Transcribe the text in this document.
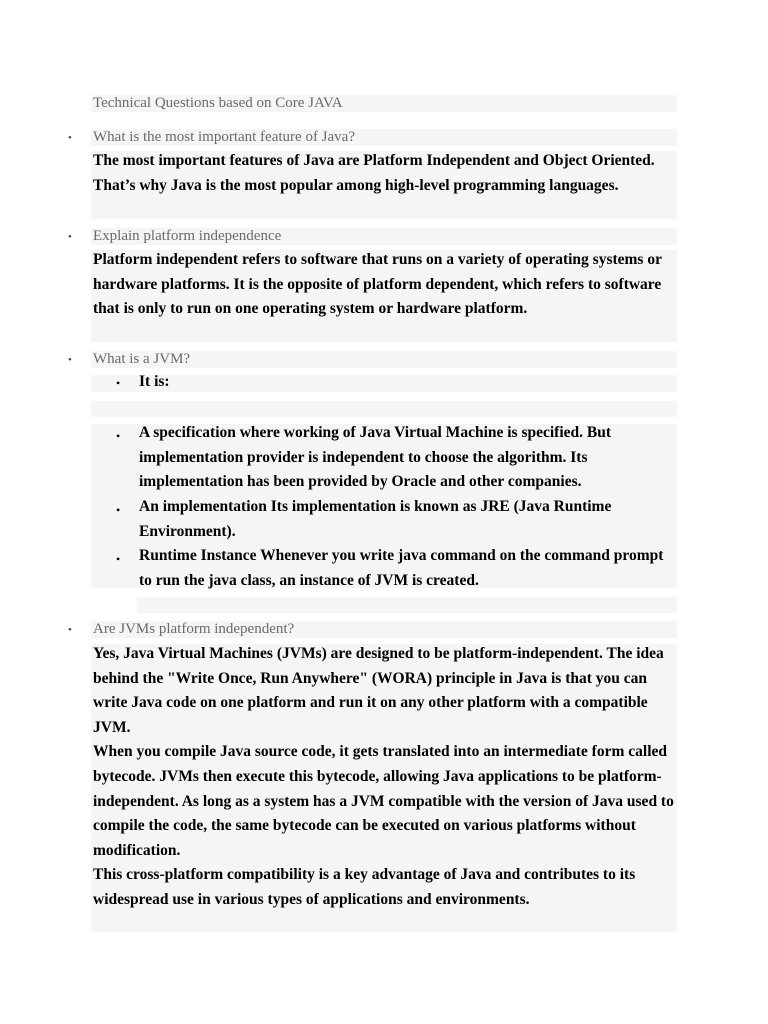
Technical Questions based on Core JAVA
• What is the most important feature of Java?
The most important features of Java are Platform Independent and Object Oriented.
That’s why Java is the most popular among high-level programming languages.
• Explain platform independence
Platform independent refers to software that runs on a variety of operating systems or
hardware platforms. It is the opposite of platform dependent, which refers to software
that is only to run on one operating system or hardware platform.
• What is a JVM?
• It is:
• A specification where working of Java Virtual Machine is specified. But
implementation provider is independent to choose the algorithm. Its
implementation has been provided by Oracle and other companies.
• An implementation Its implementation is known as JRE (Java Runtime
Environment).
• Runtime Instance Whenever you write java command on the command prompt
to run the java class, an instance of JVM is created.
• Are JVMs platform independent?
Yes, Java Virtual Machines (JVMs) are designed to be platform-independent. The idea
behind the "Write Once, Run Anywhere" (WORA) principle in Java is that you can
write Java code on one platform and run it on any other platform with a compatible
JVM.
When you compile Java source code, it gets translated into an intermediate form called
bytecode. JVMs then execute this bytecode, allowing Java applications to be platform-
independent. As long as a system has a JVM compatible with the version of Java used to
compile the code, the same bytecode can be executed on various platforms without
modification.
This cross-platform compatibility is a key advantage of Java and contributes to its
widespread use in various types of applications and environments.
